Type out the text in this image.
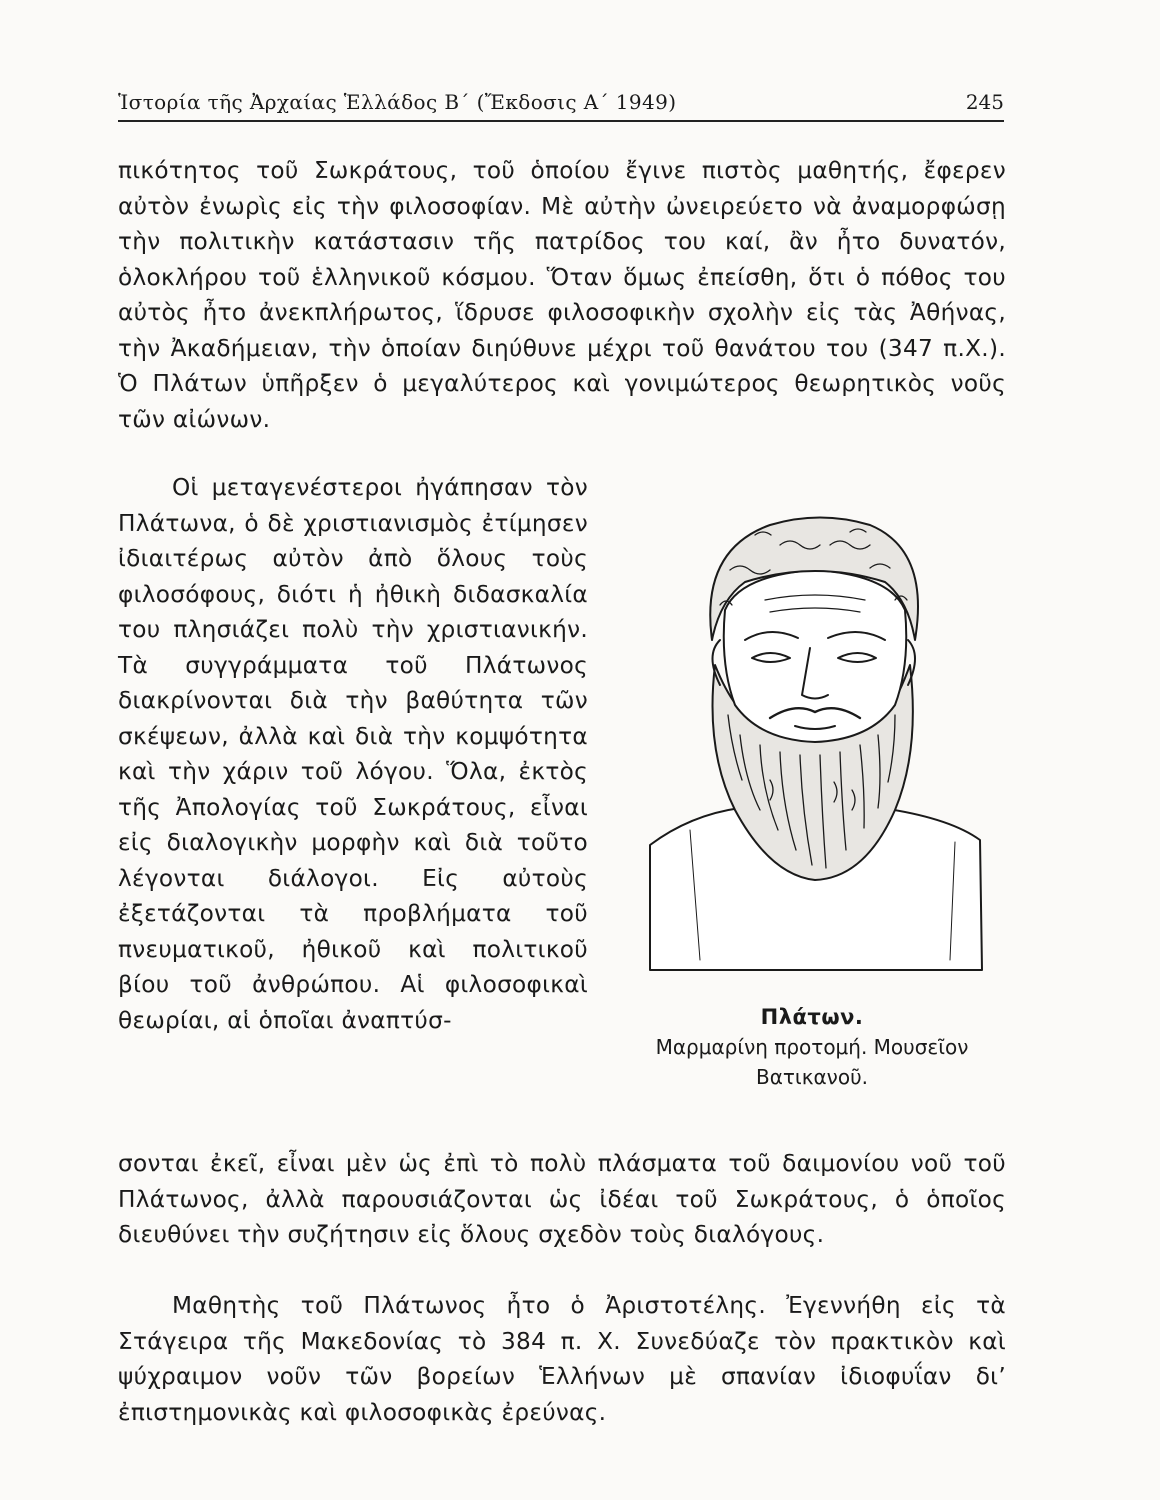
Ἱστορία τῆς Ἀρχαίας Ἑλλάδος Β΄ (Ἔκδοσις Α΄ 1949)	245

πικότητος τοῦ Σωκράτους, τοῦ ὁποίου ἔγινε πιστὸς μαθητής, ἔφερεν αὐτὸν ἐνωρὶς εἰς τὴν φιλοσοφίαν. Μὲ αὐτὴν ὠνειρεύετο νὰ ἀναμορφώσῃ τὴν πολιτικὴν κατάστασιν τῆς πατρίδος του καί, ἂν ἦτο δυνατόν, ὁλοκλήρου τοῦ ἑλληνικοῦ κόσμου. Ὅταν ὅμως ἐπείσθη, ὅτι ὁ πόθος του αὐτὸς ἦτο ἀνεκπλήρωτος, ἵδρυσε φιλοσοφικὴν σχολὴν εἰς τὰς Ἀθήνας, τὴν Ἀκαδήμειαν, τὴν ὁποίαν διηύθυνε μέχρι τοῦ θανάτου του (347 π.Χ.). Ὁ Πλάτων ὑπῆρξεν ὁ μεγαλύτερος καὶ γονιμώτερος θεωρητικὸς νοῦς τῶν αἰώνων.

Οἱ μεταγενέστεροι ἠγάπησαν τὸν Πλάτωνα, ὁ δὲ χριστιανισμὸς ἐτίμησεν ἰδιαιτέρως αὐτὸν ἀπὸ ὅλους τοὺς φιλοσόφους, διότι ἡ ἠθικὴ διδασκαλία του πλησιάζει πολὺ τὴν χριστιανικήν. Τὰ συγγράμματα τοῦ Πλάτωνος διακρίνονται διὰ τὴν βαθύτητα τῶν σκέψεων, ἀλλὰ καὶ διὰ τὴν κομψότητα καὶ τὴν χάριν τοῦ λόγου. Ὅλα, ἐκτὸς τῆς Ἀπολογίας τοῦ Σωκράτους, εἶναι εἰς διαλογικὴν μορφὴν καὶ διὰ τοῦτο λέγονται διάλογοι. Εἰς αὐτοὺς ἐξετάζονται τὰ προβλήματα τοῦ πνευματικοῦ, ἠθικοῦ καὶ πολιτικοῦ βίου τοῦ ἀνθρώπου. Αἱ φιλοσοφικαὶ θεωρίαι, αἱ ὁποῖαι ἀναπτύσ-

σονται ἐκεῖ, εἶναι μὲν ὡς ἐπὶ τὸ πολὺ πλάσματα τοῦ δαιμονίου νοῦ τοῦ Πλάτωνος, ἀλλὰ παρουσιάζονται ὡς ἰδέαι τοῦ Σωκράτους, ὁ ὁποῖος διευθύνει τὴν συζήτησιν εἰς ὅλους σχεδὸν τοὺς διαλόγους.

Μαθητὴς τοῦ Πλάτωνος ἦτο ὁ Ἀριστοτέλης. Ἐγεννήθη εἰς τὰ Στάγειρα τῆς Μακεδονίας τὸ 384 π. Χ. Συνεδύαζε τὸν πρακτικὸν καὶ ψύχραιμον νοῦν τῶν βορείων Ἑλλήνων μὲ σπανίαν ἰδιοφυΐαν δι’ ἐπιστημονικὰς καὶ φιλοσοφικὰς ἐρεύνας.

Πλάτων.
Μαρμαρίνη προτομή. Μουσεῖον
Βατικανοῦ.
